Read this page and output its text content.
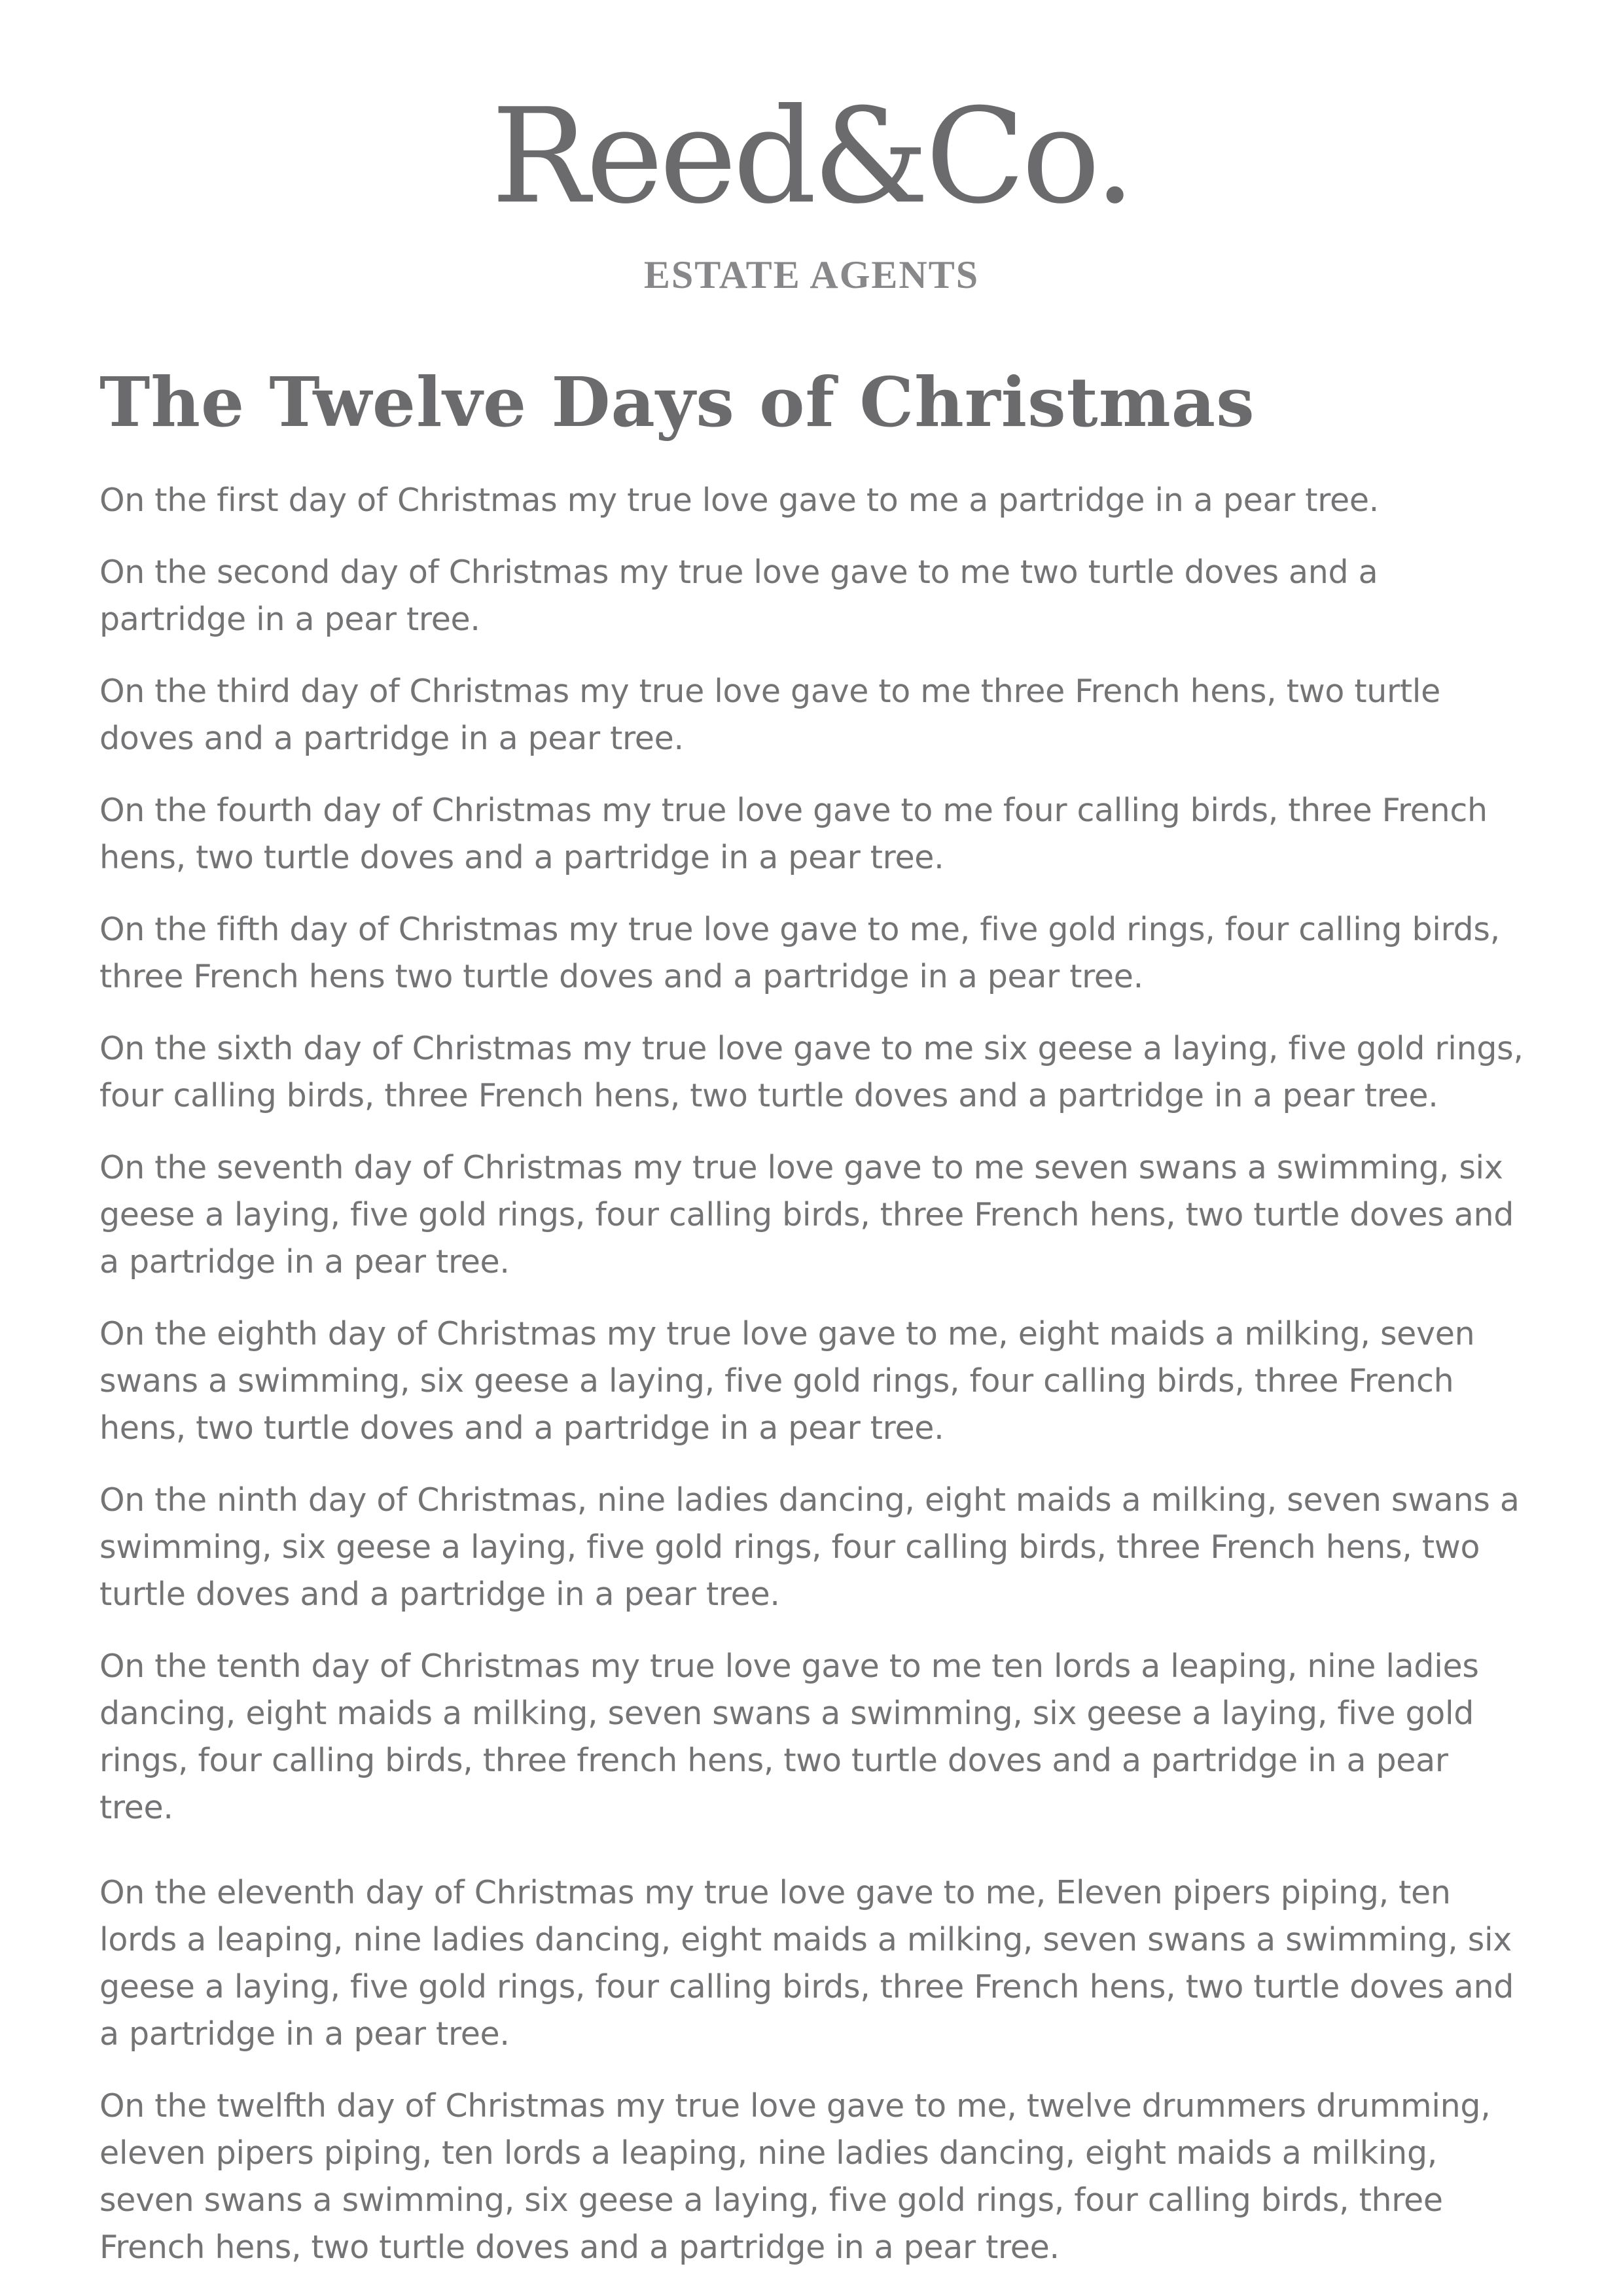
Reed&Co.
ESTATE AGENTS
The Twelve Days of Christmas

On the first day of Christmas my true love gave to me a partridge in a pear tree.

On the second day of Christmas my true love gave to me two turtle doves and a partridge in a pear tree.

On the third day of Christmas my true love gave to me three French hens, two turtle doves and a partridge in a pear tree.

On the fourth day of Christmas my true love gave to me four calling birds, three French hens, two turtle doves and a partridge in a pear tree.

On the fifth day of Christmas my true love gave to me, five gold rings, four calling birds, three French hens two turtle doves and a partridge in a pear tree.

On the sixth day of Christmas my true love gave to me six geese a laying, five gold rings, four calling birds, three French hens, two turtle doves and a partridge in a pear tree.

On the seventh day of Christmas my true love gave to me seven swans a swimming, six geese a laying, five gold rings, four calling birds, three French hens, two turtle doves and a partridge in a pear tree.

On the eighth day of Christmas my true love gave to me, eight maids a milking, seven swans a swimming, six geese a laying, five gold rings, four calling birds, three French hens, two turtle doves and a partridge in a pear tree.

On the ninth day of Christmas, nine ladies dancing, eight maids a milking, seven swans a swimming, six geese a laying, five gold rings, four calling birds, three French hens, two turtle doves and a partridge in a pear tree.

On the tenth day of Christmas my true love gave to me ten lords a leaping, nine ladies dancing, eight maids a milking, seven swans a swimming, six geese a laying, five gold rings, four calling birds, three french hens, two turtle doves and a partridge in a pear tree.

On the eleventh day of Christmas my true love gave to me, Eleven pipers piping, ten lords a leaping, nine ladies dancing, eight maids a milking, seven swans a swimming, six geese a laying, five gold rings, four calling birds, three French hens, two turtle doves and a partridge in a pear tree.

On the twelfth day of Christmas my true love gave to me, twelve drummers drumming, eleven pipers piping, ten lords a leaping, nine ladies dancing, eight maids a milking, seven swans a swimming, six geese a laying, five gold rings, four calling birds, three French hens, two turtle doves and a partridge in a pear tree.
